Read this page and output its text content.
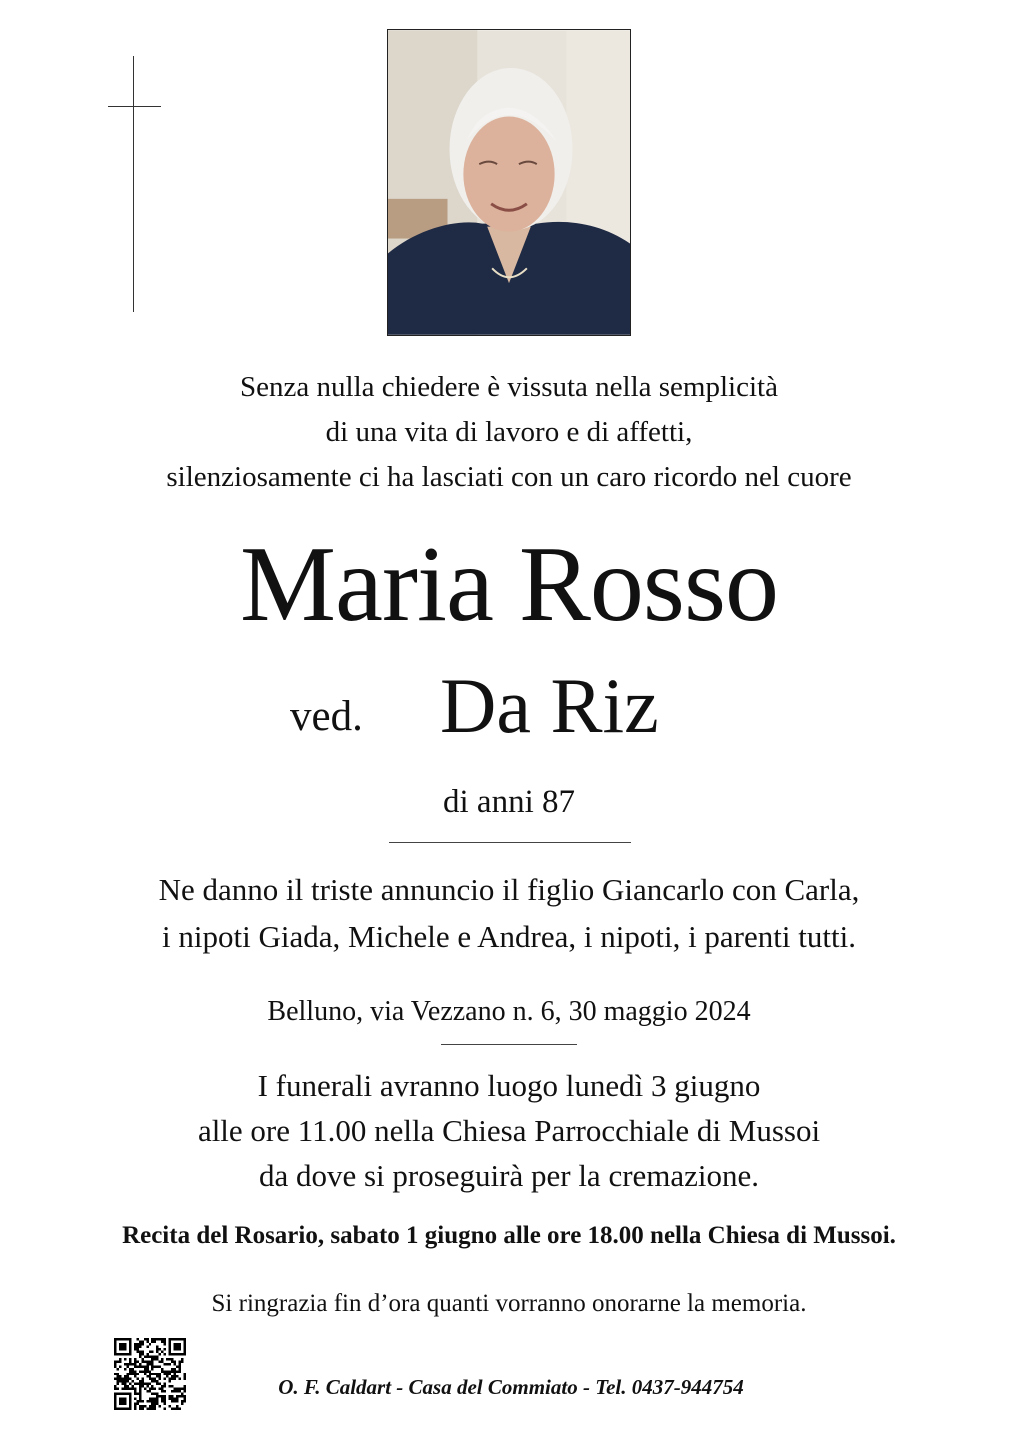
Senza nulla chiedere è vissuta nella semplicità
di una vita di lavoro e di affetti,
silenziosamente ci ha lasciati con un caro ricordo nel cuore
Maria Rosso
ved. Da Riz
di anni 87
Ne danno il triste annuncio il figlio Giancarlo con Carla,
i nipoti Giada, Michele e Andrea, i nipoti, i parenti tutti.
Belluno, via Vezzano n. 6, 30 maggio 2024
I funerali avranno luogo lunedì 3 giugno
alle ore 11.00 nella Chiesa Parrocchiale di Mussoi
da dove si proseguirà per la cremazione.
Recita del Rosario, sabato 1 giugno alle ore 18.00 nella Chiesa di Mussoi.
Si ringrazia fin d’ora quanti vorranno onorarne la memoria.
O. F. Caldart - Casa del Commiato - Tel. 0437-944754
